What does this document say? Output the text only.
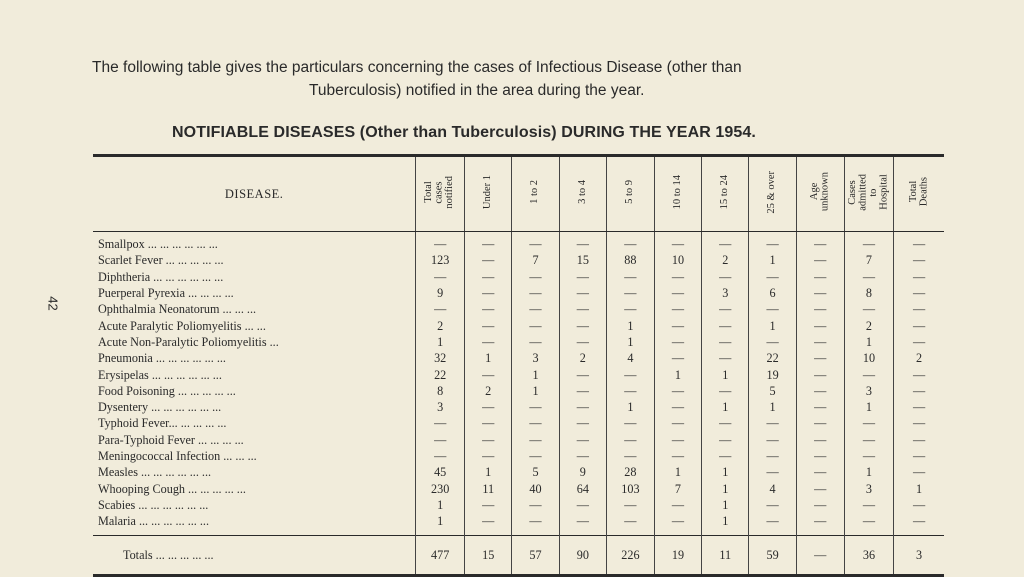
42

The following table gives the particulars concerning the cases of Infectious Disease (other than
Tuberculosis) notified in the area during the year.

NOTIFIABLE DISEASES (Other than Tuberculosis) DURING THE YEAR 1954.
DISEASE.	Total
cases
notified	Under 1	1 to 2	3 to 4	5 to 9	10 to 14	15 to 24	25 & over	Age
unknown	Cases
admitted
to
Hospital	Total
Deaths
Smallpox ... ... ... ... ... ...	—	—	—	—	—	—	—	—	—	—	—
Scarlet Fever ... ... ... ... ...	123	—	7	15	88	10	2	1	—	7	—
Diphtheria ... ... ... ... ... ...	—	—	—	—	—	—	—	—	—	—	—
Puerperal Pyrexia ... ... ... ...	9	—	—	—	—	—	3	6	—	8	—
Ophthalmia Neonatorum ... ... ...	—	—	—	—	—	—	—	—	—	—	—
Acute Paralytic Poliomyelitis ... ...	2	—	—	—	1	—	—	1	—	2	—
Acute Non-Paralytic Poliomyelitis ...	1	—	—	—	1	—	—	—	—	1	—
Pneumonia ... ... ... ... ... ...	32	1	3	2	4	—	—	22	—	10	2
Erysipelas ... ... ... ... ... ...	22	—	1	—	—	1	1	19	—	—	—
Food Poisoning ... ... ... ... ...	8	2	1	—	—	—	—	5	—	3	—
Dysentery ... ... ... ... ... ...	3	—	—	—	1	—	1	1	—	1	—
Typhoid Fever... ... ... ... ...	—	—	—	—	—	—	—	—	—	—	—
Para-Typhoid Fever ... ... ... ...	—	—	—	—	—	—	—	—	—	—	—
Meningococcal Infection ... ... ...	—	—	—	—	—	—	—	—	—	—	—
Measles ... ... ... ... ... ...	45	1	5	9	28	1	1	—	—	1	—
Whooping Cough ... ... ... ... ...	230	11	40	64	103	7	1	4	—	3	1
Scabies ... ... ... ... ... ...	1	—	—	—	—	—	1	—	—	—	—
Malaria ... ... ... ... ... ...	1	—	—	—	—	—	1	—	—	—	—
Totals ... ... ... ... ...	477	15	57	90	226	19	11	59	—	36	3
